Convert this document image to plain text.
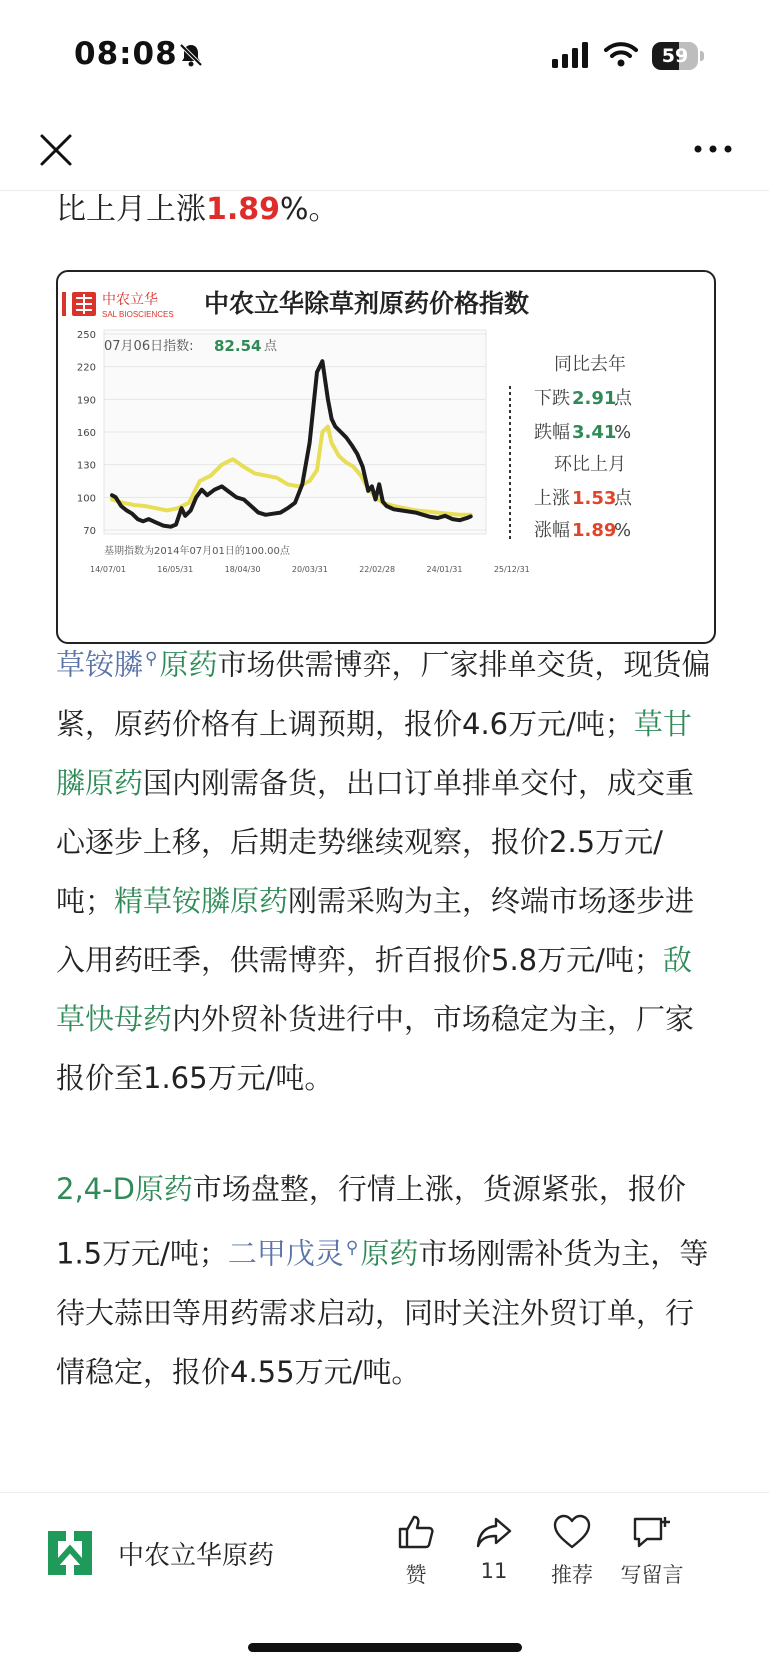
08:08	59
比上月上涨1.89%。
中农立华
SAL BIOSCIENCES 中农立华除草剂原药价格指数
250
220
190
160
130
100
70
14/07/01	16/05/31	18/04/30	20/03/31	22/02/28	24/01/31	25/12/31
07月06日指数: 82.54 点
基期指数为2014年07月01日的100.00点
同比去年
下跌 2.91
点
跌幅 3.41
%
环比上月
上涨 1.53
点
涨幅 1.89
%
草铵膦 ⚲原药市场供需博弈，厂家排单交货，现货偏紧，原药价格有上调预期，报价4.6万元/吨；草甘膦原药国内刚需备货，出口订单排单交付，成交重心逐步上移，后期走势继续观察，报价2.5万元/吨；精草铵膦原药刚需采购为主，终端市场逐步进入用药旺季，供需博弈，折百报价5.8万元/吨；敌草快母药内外贸补货进行中，市场稳定为主，厂家报价至1.65万元/吨。
2,4-D原药市场盘整，行情上涨，货源紧张，报价1.5万元/吨；二甲戊灵 ⚲原药市场刚需补货为主，等待大蒜田等用药需求启动，同时关注外贸订单，行情稳定，报价4.55万元/吨。
中农立华原药
赞	11	推荐	写留言
